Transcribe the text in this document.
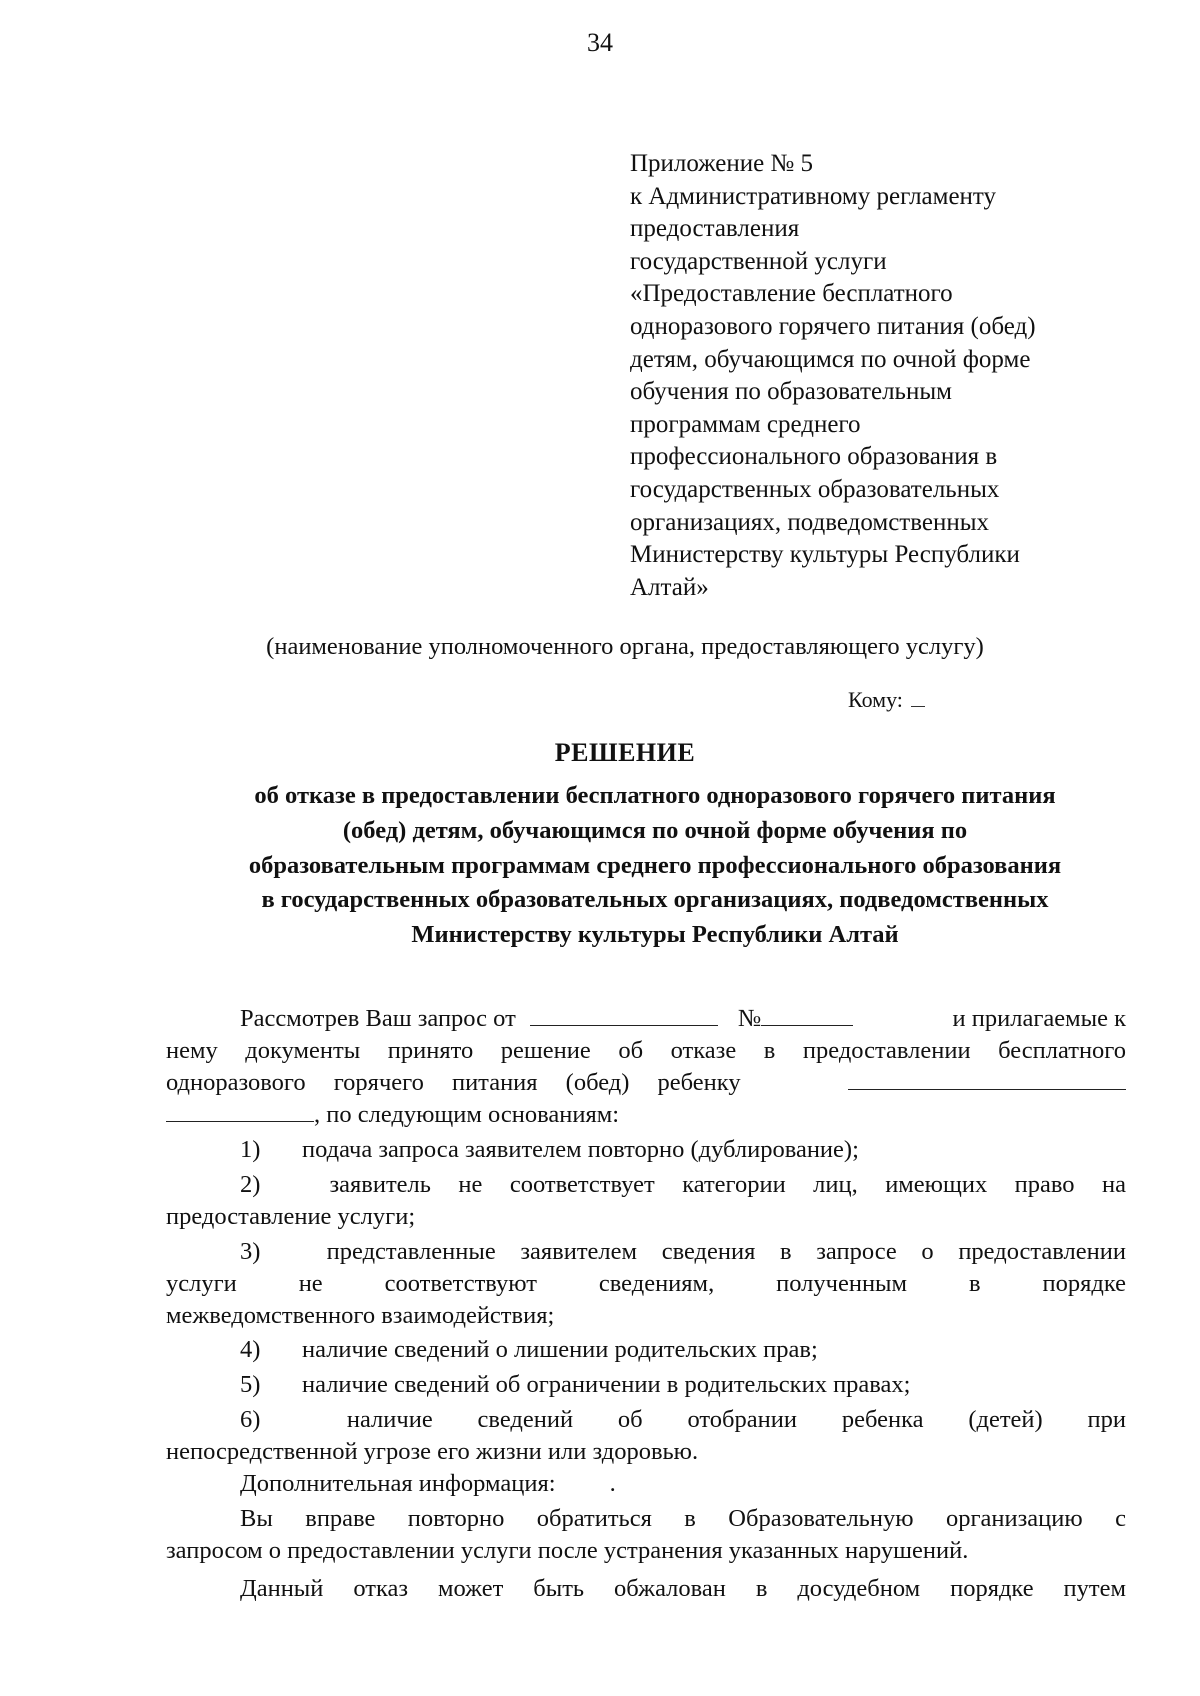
34
Приложение № 5
к Административному регламенту
предоставления
государственной услуги
«Предоставление бесплатного
одноразового горячего питания (обед)
детям, обучающимся по очной форме
обучения по образовательным
программам среднего
профессионального образования в
государственных образовательных
организациях, подведомственных
Министерству культуры Республики
Алтай»
(наименование уполномоченного органа, предоставляющего услугу)
Кому:
РЕШЕНИЕ
об отказе в предоставлении бесплатного одноразового горячего питания
(обед) детям, обучающимся по очной форме обучения по
образовательным программам среднего профессионального образования
в государственных образовательных организациях, подведомственных
Министерству культуры Республики Алтай
Рассмотрев Ваш запрос от	№	и прилагаемые к
нему документы принято решение об отказе в предоставлении бесплатного
одноразового горячего питания (обед) ребенку
, по следующим основаниям:
1) подача запроса заявителем повторно (дублирование);
2)	заявитель не соответствует категории лиц, имеющих право на
предоставление услуги;
3)	представленные заявителем сведения в запросе о предоставлении
услуги не соответствуют сведениям, полученным в порядке
межведомственного взаимодействия;
4) наличие сведений о лишении родительских прав;
5) наличие сведений об ограничении в родительских правах;
6)	наличие сведений об отобрании ребенка (детей) при
непосредственной угрозе его жизни или здоровью.
Дополнительная информация: .
Вы вправе повторно обратиться в Образовательную организацию с
запросом о предоставлении услуги после устранения указанных нарушений.
Данный отказ может быть обжалован в досудебном порядке путем
